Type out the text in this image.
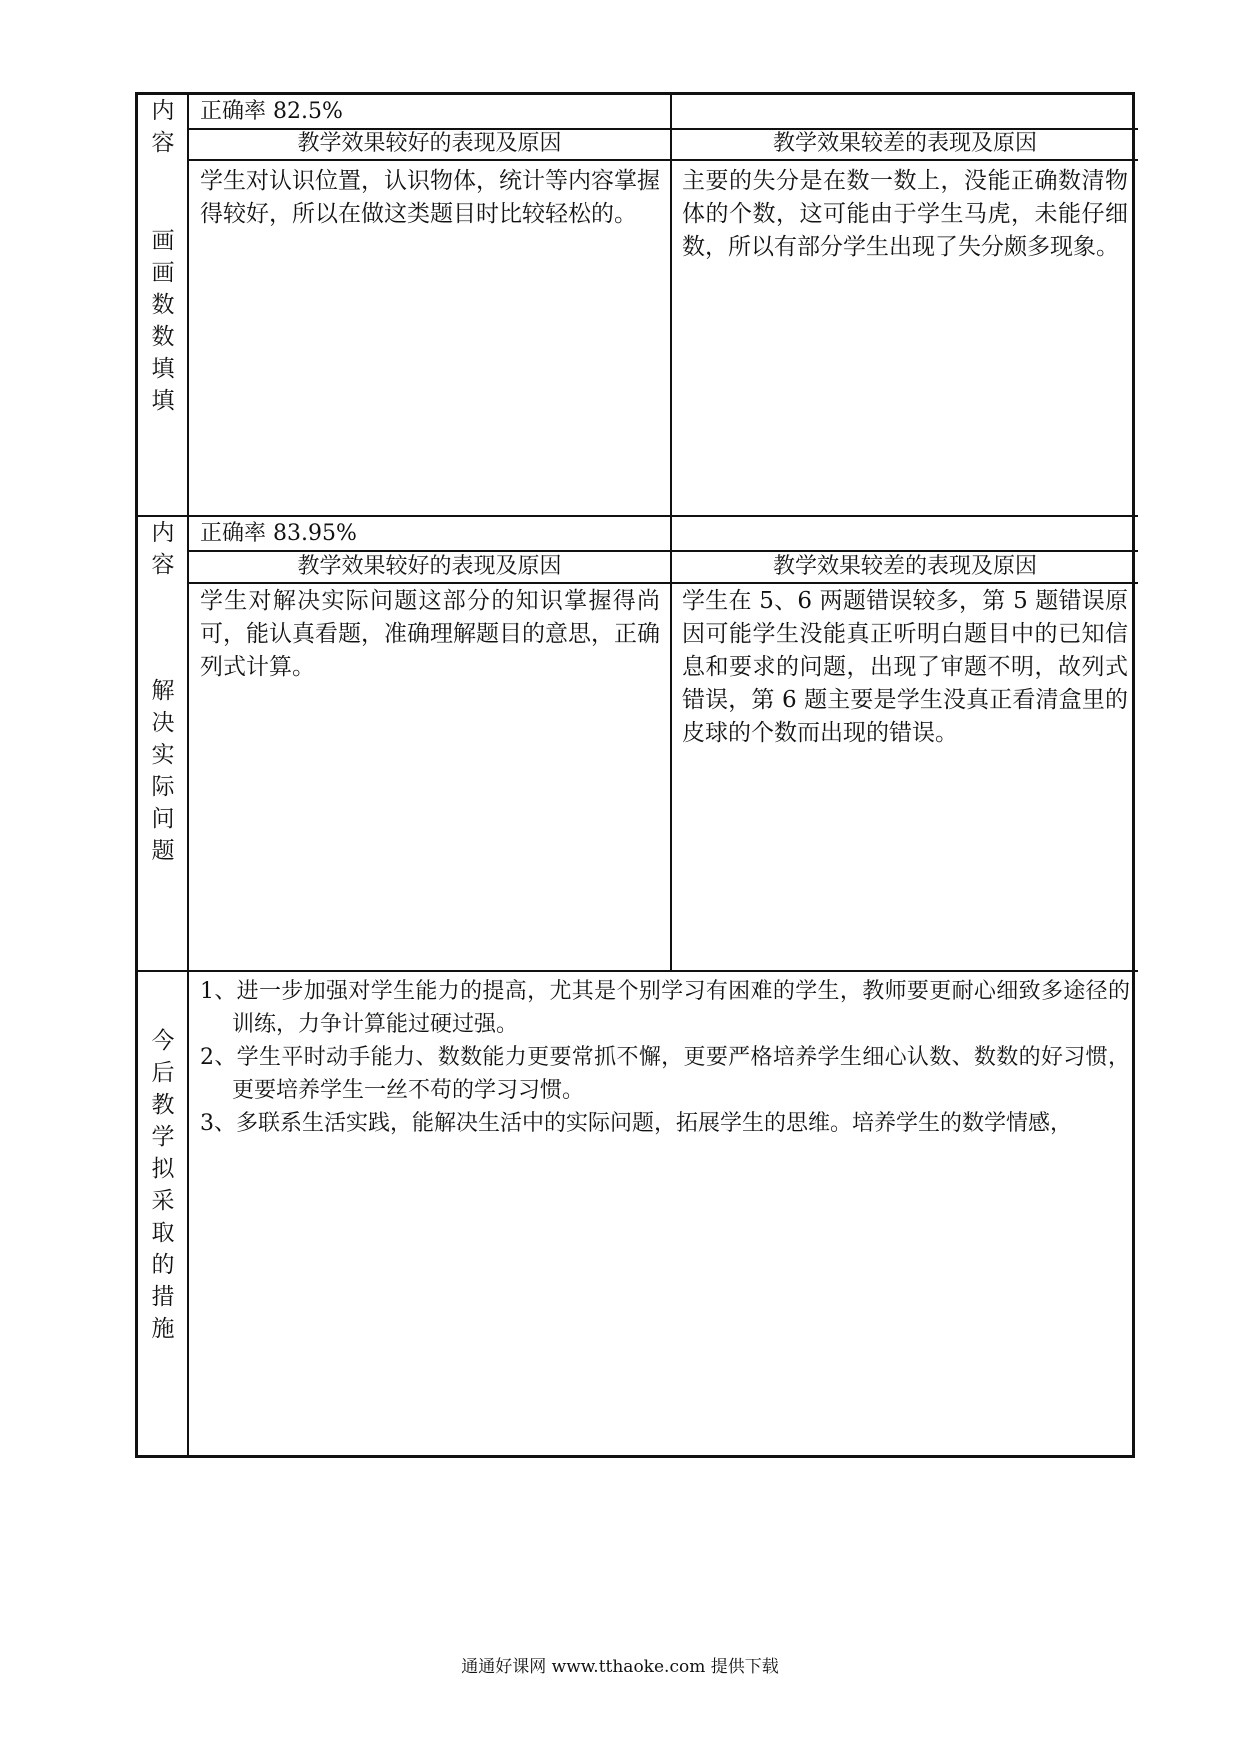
内
容
正确率 82.5%
教学效果较好的表现及原因	教学效果较差的表现及原因
画
画
数
数
填
填
学生对认识位置，认识物体，统计等内容掌握得较好，所以在做这类题目时比较轻松的。
主要的失分是在数一数上，没能正确数清物体的个数，这可能由于学生马虎，未能仔细数，所以有部分学生出现了失分颇多现象。
内
容
正确率 83.95%
教学效果较好的表现及原因	教学效果较差的表现及原因
解
决
实
际
问
题
学生对解决实际问题这部分的知识掌握得尚可，能认真看题，准确理解题目的意思，正确列式计算。
学生在 5、6 两题错误较多，第 5 题错误原因可能学生没能真正听明白题目中的已知信息和要求的问题，出现了审题不明，故列式错误，第 6 题主要是学生没真正看清盒里的皮球的个数而出现的错误。
今
后
教
学
拟
采
取
的
措
施

1、进一步加强对学生能力的提高，尤其是个别学习有困难的学生，教师要更耐心细致多途径的训练，力争计算能过硬过强。

2、学生平时动手能力、数数能力更要常抓不懈，更要严格培养学生细心认数、数数的好习惯，更要培养学生一丝不苟的学习习惯。

3、多联系生活实践，能解决生活中的实际问题，拓展学生的思维。培养学生的数学情感，

通通好课网 www.tthaoke.com 提供下载
